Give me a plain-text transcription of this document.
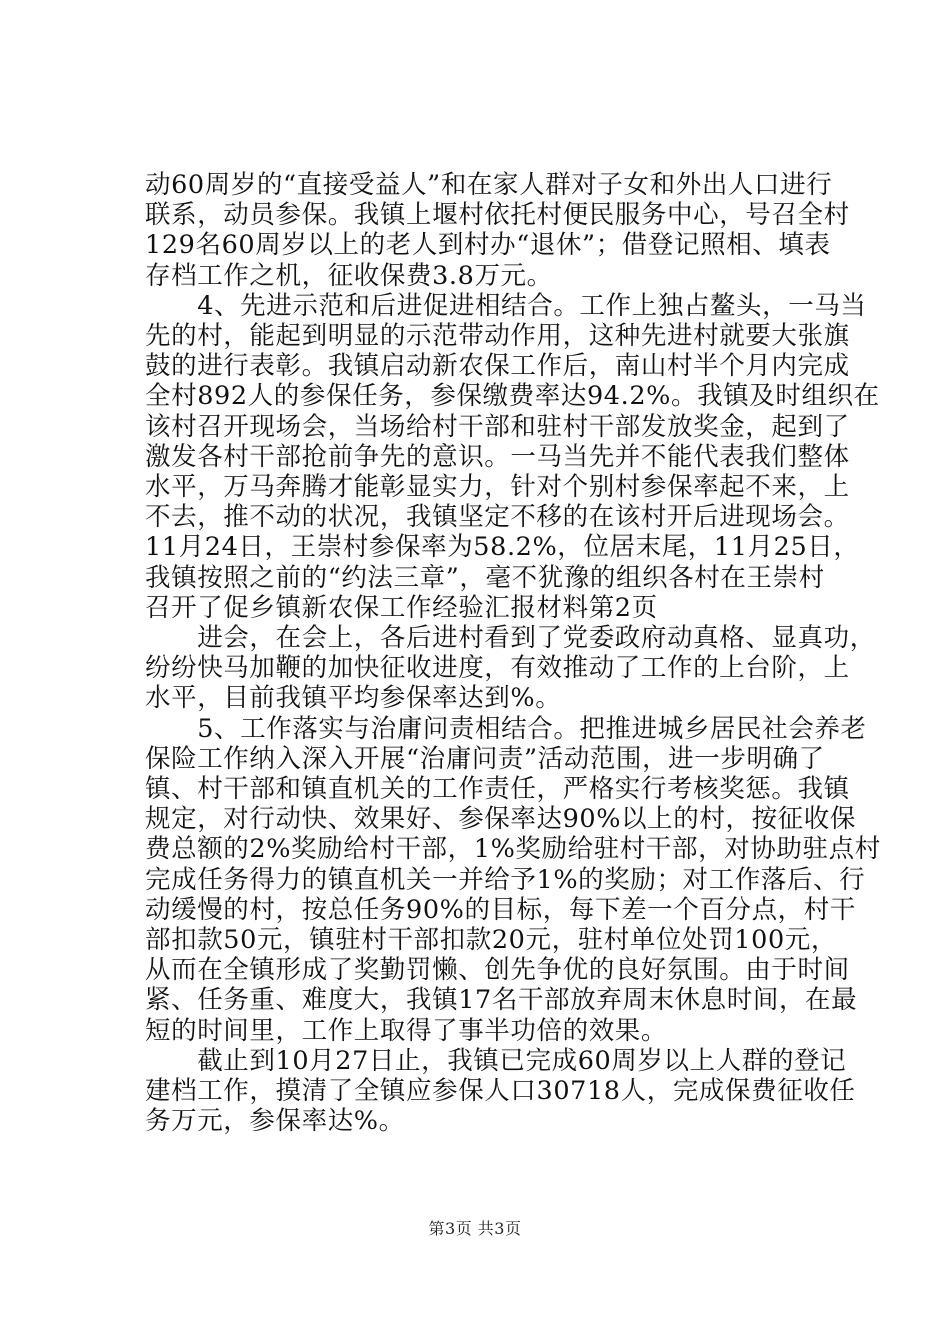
动60周岁的“直接受益人”和在家人群对子女和外出人口进行
联系，动员参保。我镇上堰村依托村便民服务中心，号召全村
129名60周岁以上的老人到村办“退休”；借登记照相、填表
存档工作之机，征收保费3.8万元。
　　4、先进示范和后进促进相结合。工作上独占鳌头，一马当
先的村，能起到明显的示范带动作用，这种先进村就要大张旗
鼓的进行表彰。我镇启动新农保工作后，南山村半个月内完成
全村892人的参保任务，参保缴费率达94.2%。我镇及时组织在
该村召开现场会，当场给村干部和驻村干部发放奖金，起到了
激发各村干部抢前争先的意识。一马当先并不能代表我们整体
水平，万马奔腾才能彰显实力，针对个别村参保率起不来，上
不去，推不动的状况，我镇坚定不移的在该村开后进现场会。
11月24日，王崇村参保率为58.2%，位居末尾，11月25日，
我镇按照之前的“约法三章”，毫不犹豫的组织各村在王崇村
召开了促乡镇新农保工作经验汇报材料第2页
　　进会，在会上，各后进村看到了党委政府动真格、显真功，
纷纷快马加鞭的加快征收进度，有效推动了工作的上台阶，上
水平，目前我镇平均参保率达到%。
　　5、工作落实与治庸问责相结合。把推进城乡居民社会养老
保险工作纳入深入开展“治庸问责”活动范围，进一步明确了
镇、村干部和镇直机关的工作责任，严格实行考核奖惩。我镇
规定，对行动快、效果好、参保率达90%以上的村，按征收保
费总额的2%奖励给村干部，1%奖励给驻村干部，对协助驻点村
完成任务得力的镇直机关一并给予1%的奖励；对工作落后、行
动缓慢的村，按总任务90%的目标，每下差一个百分点，村干
部扣款50元，镇驻村干部扣款20元，驻村单位处罚100元，
从而在全镇形成了奖勤罚懒、创先争优的良好氛围。由于时间
紧、任务重、难度大，我镇17名干部放弃周末休息时间，在最
短的时间里，工作上取得了事半功倍的效果。
　　截止到10月27日止，我镇已完成60周岁以上人群的登记
建档工作，摸清了全镇应参保人口30718人，完成保费征收任
务万元，参保率达%。
第3页 共3页
